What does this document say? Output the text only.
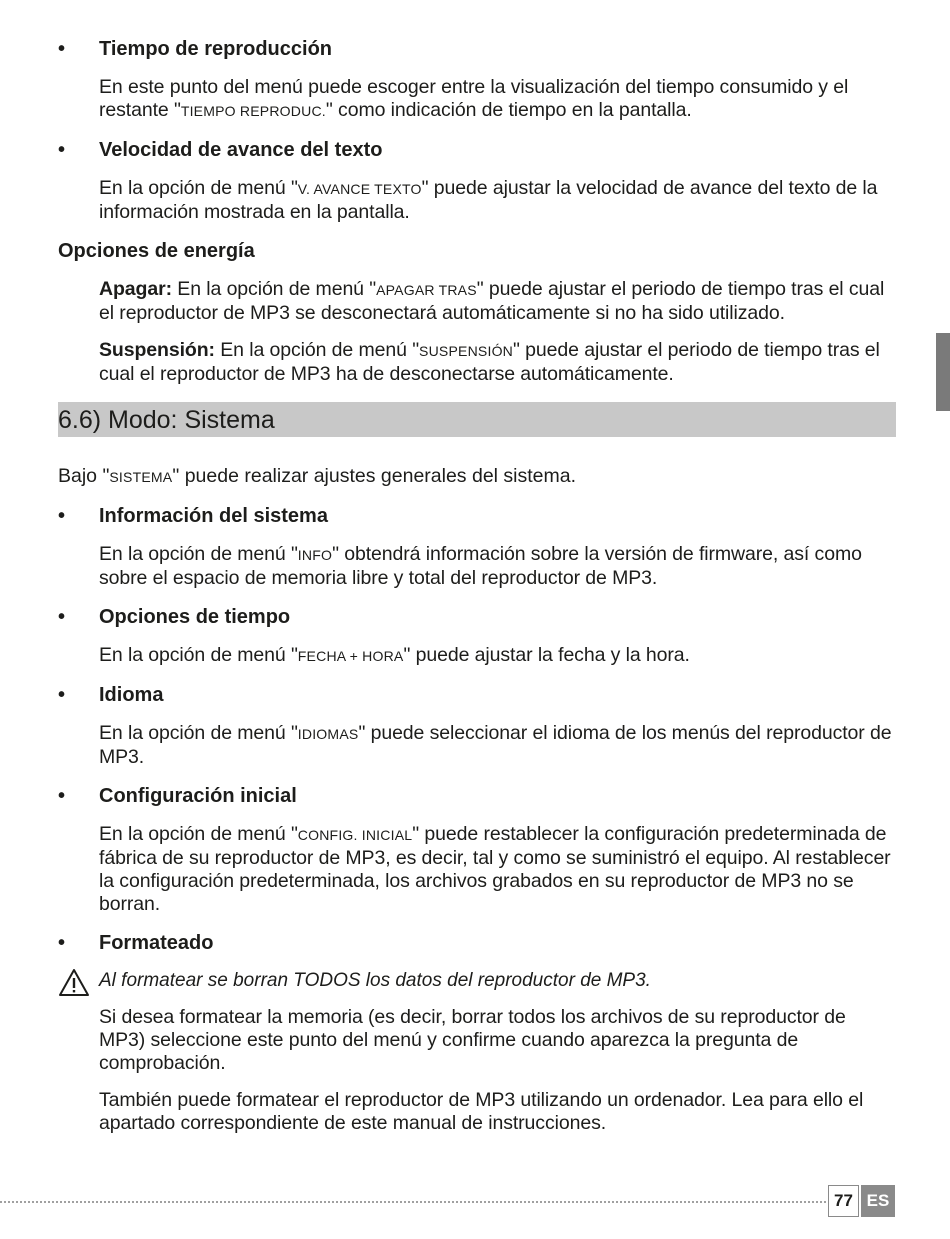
• Tiempo de reproducción
En este punto del menú puede escoger entre la visualización del tiempo consumido y el restante "TIEMPO REPRODUC." como indicación de tiempo en la pantalla.
• Velocidad de avance del texto
En la opción de menú "V. AVANCE TEXTO" puede ajustar la velocidad de avance del texto de la información mostrada en la pantalla.
Opciones de energía
Apagar: En la opción de menú "APAGAR TRAS" puede ajustar el periodo de tiempo tras el cual el reproductor de MP3 se desconectará automáticamente si no ha sido utilizado.
Suspensión: En la opción de menú "SUSPENSIÓN" puede ajustar el periodo de tiempo tras el cual el reproductor de MP3 ha de desconectarse automáticamente.
6.6) Modo: Sistema
Bajo "SISTEMA" puede realizar ajustes generales del sistema.
• Información del sistema
En la opción de menú "INFO" obtendrá información sobre la versión de firmware, así como sobre el espacio de memoria libre y total del reproductor de MP3.
• Opciones de tiempo
En la opción de menú "FECHA + HORA" puede ajustar la fecha y la hora.
• Idioma
En la opción de menú "IDIOMAS" puede seleccionar el idioma de los menús del reproductor de MP3.
• Configuración inicial
En la opción de menú "CONFIG. INICIAL" puede restablecer la configuración predeterminada de fábrica de su reproductor de MP3, es decir, tal y como se suministró el equipo. Al restablecer la configuración predeterminada, los archivos grabados en su reproductor de MP3 no se borran.
• Formateado
Al formatear se borran TODOS los datos del reproductor de MP3.
Si desea formatear la memoria (es decir, borrar todos los archivos de su reproductor de MP3) seleccione este punto del menú y confirme cuando aparezca la pregunta de comprobación.
También puede formatear el reproductor de MP3 utilizando un ordenador. Lea para ello el apartado correspondiente de este manual de instrucciones.
77 ES
